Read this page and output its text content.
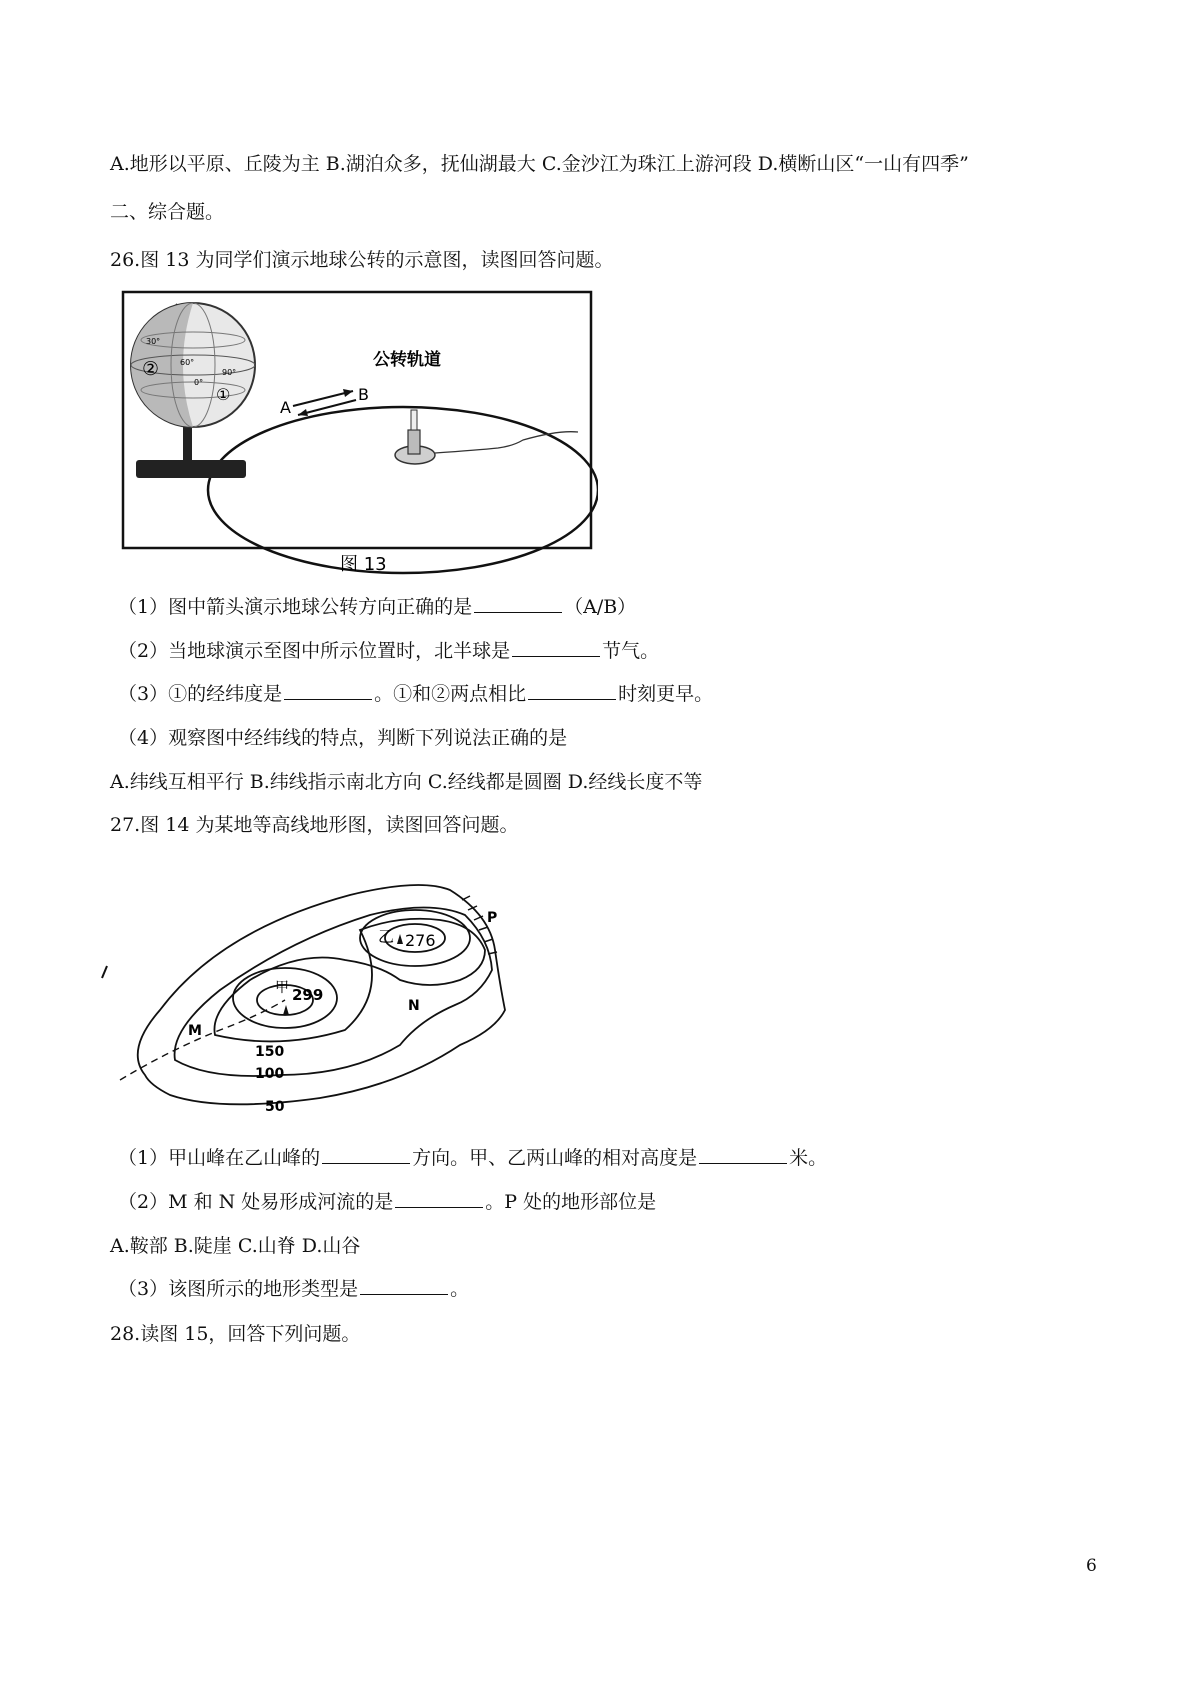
A.地形以平原、丘陵为主 B.湖泊众多，抚仙湖最大 C.金沙江为珠江上游河段 D.横断山区“一山有四季”
二、综合题。
26.图 13 为同学们演示地球公转的示意图，读图回答问题。
公转轨道
A
B
30°
60°
0°
90°
②
①
图 13
（1）图中箭头演示地球公转方向正确的是	（A/B）
（2）当地球演示至图中所示位置时，北半球是	节气。
（3）①的经纬度是	。①和②两点相比	时刻更早。
（4）观察图中经纬线的特点，判断下列说法正确的是
A.纬线互相平行 B.纬线指示南北方向 C.经线都是圆圈 D.经线长度不等
27.图 14 为某地等高线地形图，读图回答问题。
乙 276
甲 299
M
N
P
150
100
50
（1）甲山峰在乙山峰的	方向。甲、乙两山峰的相对高度是	米。
（2）M 和 N 处易形成河流的是	。P 处的地形部位是
A.鞍部 B.陡崖 C.山脊 D.山谷
（3）该图所示的地形类型是	。
28.读图 15，回答下列问题。
6
